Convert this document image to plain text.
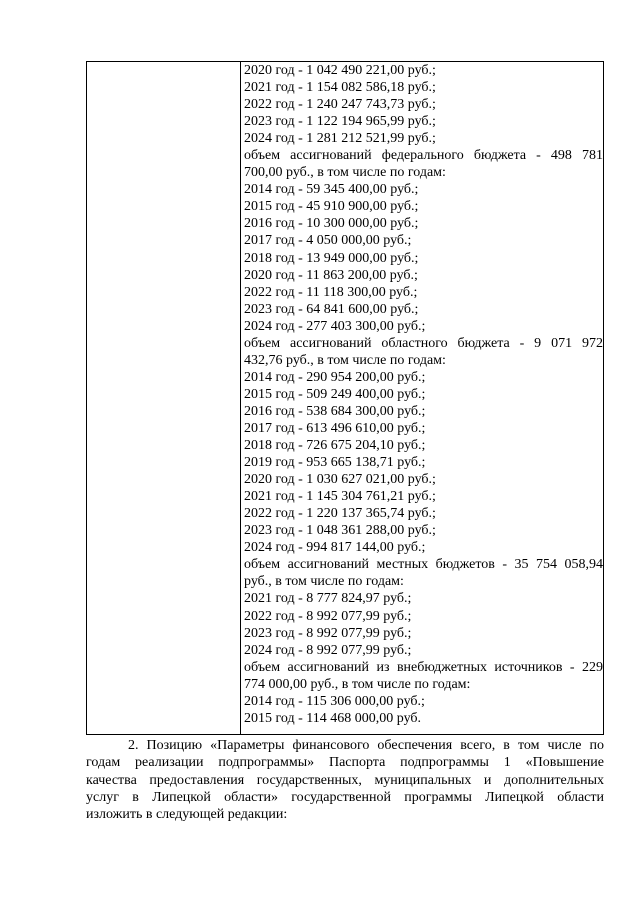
2020 год - 1 042 490 221,00 руб.;
2021 год - 1 154 082 586,18 руб.;
2022 год - 1 240 247 743,73 руб.;
2023 год - 1 122 194 965,99 руб.;
2024 год - 1 281 212 521,99 руб.;
объем ассигнований федерального бюджета - 498 781
700,00 руб., в том числе по годам:
2014 год - 59 345 400,00 руб.;
2015 год - 45 910 900,00 руб.;
2016 год - 10 300 000,00 руб.;
2017 год - 4 050 000,00 руб.;
2018 год - 13 949 000,00 руб.;
2020 год - 11 863 200,00 руб.;
2022 год - 11 118 300,00 руб.;
2023 год - 64 841 600,00 руб.;
2024 год - 277 403 300,00 руб.;
объем ассигнований областного бюджета - 9 071 972
432,76 руб., в том числе по годам:
2014 год - 290 954 200,00 руб.;
2015 год - 509 249 400,00 руб.;
2016 год - 538 684 300,00 руб.;
2017 год - 613 496 610,00 руб.;
2018 год - 726 675 204,10 руб.;
2019 год - 953 665 138,71 руб.;
2020 год - 1 030 627 021,00 руб.;
2021 год - 1 145 304 761,21 руб.;
2022 год - 1 220 137 365,74 руб.;
2023 год - 1 048 361 288,00 руб.;
2024 год - 994 817 144,00 руб.;
объем ассигнований местных бюджетов - 35 754 058,94
руб., в том числе по годам:
2021 год - 8 777 824,97 руб.;
2022 год - 8 992 077,99 руб.;
2023 год - 8 992 077,99 руб.;
2024 год - 8 992 077,99 руб.;
объем ассигнований из внебюджетных источников - 229
774 000,00 руб., в том числе по годам:
2014 год - 115 306 000,00 руб.;
2015 год - 114 468 000,00 руб.
2. Позицию «Параметры финансового обеспечения всего, в том числе по
годам реализации подпрограммы» Паспорта подпрограммы 1 «Повышение
качества предоставления государственных, муниципальных и дополнительных
услуг в Липецкой области» государственной программы Липецкой области
изложить в следующей редакции:
